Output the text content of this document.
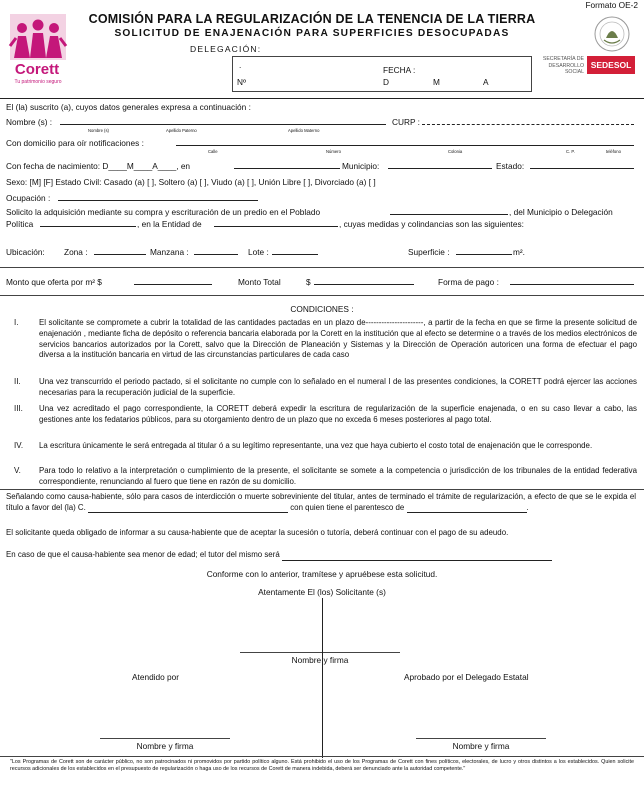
Formato OE-2
Corett
Tu patrimonio seguro
COMISIÓN PARA LA REGULARIZACIÓN DE LA TENENCIA DE LA TIERRA
SOLICITUD DE ENAJENACIÓN PARA SUPERFICIES DESOCUPADAS
DELEGACIÓN:
.
Nº
FECHA :
D	M	A
SECRETARÍA DE DESARROLLO SOCIAL
SEDESOL
El (la) suscrito (a), cuyos datos generales expresa a continuación :
Nombre (s) :	CURP :
Nombre (s)	Apellido Paterno	Apellido Materno
Con domicilio para oír notificaciones :
Calle	Número	Colonia	C. P.	teléfono
Con fecha de nacimiento: D____M____A____, en	Municipio:	Estado:
Sexo: [M] [F] Estado Civil: Casado (a) [ ], Soltero (a) [ ], Viudo (a) [ ], Unión Libre [ ], Divorciado (a) [ ]
Ocupación :
Solicito la adquisición mediante su compra y escrituración de un predio en el Poblado	, del Municipio o Delegación
Política	, en la Entidad de	, cuyas medidas y colindancias son las siguientes:
Ubicación: Zona :	Manzana :	Lote :	Superficie :	m².
Monto que oferta por m² $	Monto Total	$	Forma de pago :
CONDICIONES :
I.	El solicitante se compromete a cubrir la totalidad de las cantidades pactadas en un plazo de----------------------, a partir de la fecha en que se firme la presente solicitud de enajenación , mediante ficha de depósito o referencia bancaria elaborada por la Corett en la institución que al efecto se determine o a través de los medios electrónicos de servicios bancarios autorizados por la Corett, salvo que la Dirección de Planeación y Sistemas y la Dirección de Operación autoricen una forma de efectuar el pago diversa a la institución bancaria en virtud de las circunstancias particulares de cada caso
II. Una vez transcurrido el periodo pactado, si el solicitante no cumple con lo señalado en el numeral I de las presentes condiciones, la CORETT podrá ejercer las acciones necesarias para la recuperación judicial de la superficie.
III. Una vez acreditado el pago correspondiente, la CORETT deberá expedir la escritura de regularización de la superficie enajenada, o en su caso llevar a cabo, las gestiones ante los fedatarios públicos, para su otorgamiento dentro de un plazo que no exceda 6 meses posteriores al pago total.
IV. La escritura únicamente le será entregada al titular ó a su legítimo representante, una vez que haya cubierto el costo total de enajenación que le corresponde.
V. Para todo lo relativo a la interpretación o cumplimiento de la presente, el solicitante se somete a la competencia o jurisdicción de los tribunales de la entidad federativa correspondiente, renunciando al fuero que tiene en razón de su domicilio.
Señalando como causa-habiente, sólo para casos de interdicción o muerte sobreviniente del titular, antes de terminado el trámite de regularización, a efecto de que se le expida el título a favor del (la) C.	con quien tiene el parentesco de	.
El solicitante queda obligado de informar a su causa-habiente que de aceptar la sucesión o tutoría, deberá continuar con el pago de su adeudo.
En caso de que el causa-habiente sea menor de edad; el tutor del mismo será
Conforme con lo anterior, tramítese y apruébese esta solicitud.
Atentamente El (los) Solicitante (s)
Nombre y firma
Atendido por	Aprobado por el Delegado Estatal
Nombre y firma	Nombre y firma
"Los Programas de Corett son de carácter público, no son patrocinados ni promovidos por partido político alguno. Está prohibido el uso de los Programas de Corett con fines políticos, electorales, de lucro y otros distintos a los establecidos. Quien solicite recursos adicionales de los establecidos en el presupuesto de regularización o haga uso de los recursos de Corett de manera indebida, deberá ser denunciado ante la autoridad competente."
